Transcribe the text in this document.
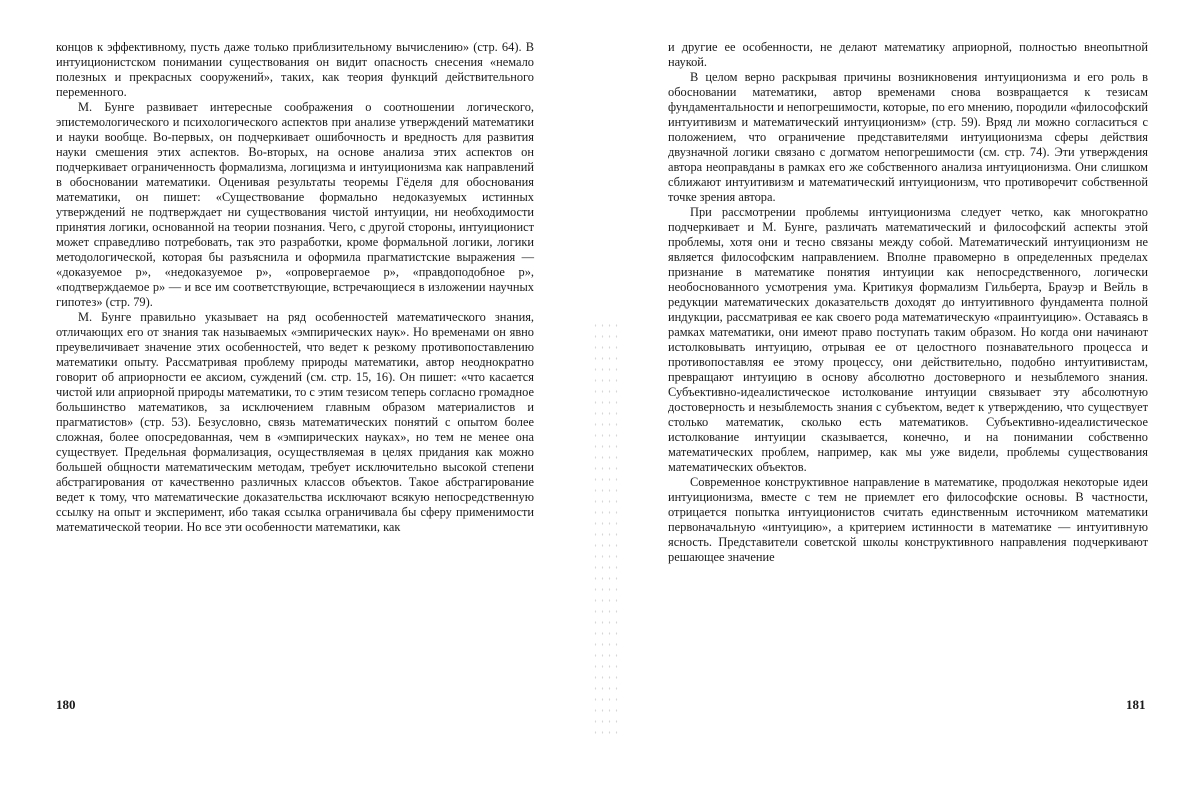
концов к эффективному, пусть даже только приблизительному вычислению» (стр. 64). В интуиционистском понимании существования он видит опасность снесения «немало полезных и прекрасных сооружений», таких, как теория функций действительного переменного.

М. Бунге развивает интересные соображения о соотношении логического, эпистемологического и психологического аспектов при анализе утверждений математики и науки вообще. Во-первых, он подчеркивает ошибочность и вредность для развития науки смешения этих аспектов. Во-вторых, на основе анализа этих аспектов он подчеркивает ограниченность формализма, логицизма и интуиционизма как направлений в обосновании математики. Оценивая результаты теоремы Гёделя для обоснования математики, он пишет: «Существование формально недоказуемых истинных утверждений не подтверждает ни существования чистой интуиции, ни необходимости принятия логики, основанной на теории познания. Чего, с другой стороны, интуиционист может справедливо потребовать, так это разработки, кроме формальной логики, логики методологической, которая бы разъяснила и оформила прагматистские выражения — «доказуемое p», «недоказуемое p», «опровергаемое p», «правдоподобное p», «подтверждаемое p» — и все им соответствующие, встречающиеся в изложении научных гипотез» (стр. 79).

М. Бунге правильно указывает на ряд особенностей математического знания, отличающих его от знания так называемых «эмпирических наук». Но временами он явно преувеличивает значение этих особенностей, что ведет к резкому противопоставлению математики опыту. Рассматривая проблему природы математики, автор неоднократно говорит об априорности ее аксиом, суждений (см. стр. 15, 16). Он пишет: «что касается чистой или априорной природы математики, то с этим тезисом теперь согласно громадное большинство математиков, за исключением главным образом материалистов и прагматистов» (стр. 53). Безусловно, связь математических понятий с опытом более сложная, более опосредованная, чем в «эмпирических науках», но тем не менее она существует. Предельная формализация, осуществляемая в целях придания как можно большей общности математическим методам, требует исключительно высокой степени абстрагирования от качественно различных классов объектов. Такое абстрагирование ведет к тому, что математические доказательства исключают всякую непосредственную ссылку на опыт и эксперимент, ибо такая ссылка ограничивала бы сферу применимости математической теории. Но все эти особенности математики, как

и другие ее особенности, не делают математику априорной, полностью внеопытной наукой.

В целом верно раскрывая причины возникновения интуиционизма и его роль в обосновании математики, автор временами снова возвращается к тезисам фундаментальности и непогрешимости, которые, по его мнению, породили «философский интуитивизм и математический интуиционизм» (стр. 59). Вряд ли можно согласиться с положением, что ограничение представителями интуиционизма сферы действия двузначной логики связано с догматом непогрешимости (см. стр. 74). Эти утверждения автора неоправданы в рамках его же собственного анализа интуиционизма. Они слишком сближают интуитивизм и математический интуиционизм, что противоречит собственной точке зрения автора.

При рассмотрении проблемы интуиционизма следует четко, как многократно подчеркивает и М. Бунге, различать математический и философский аспекты этой проблемы, хотя они и тесно связаны между собой. Математический интуиционизм не является философским направлением. Вполне правомерно в определенных пределах признание в математике понятия интуиции как непосредственного, логически необоснованного усмотрения ума. Критикуя формализм Гильберта, Брауэр и Вейль в редукции математических доказательств доходят до интуитивного фундамента полной индукции, рассматривая ее как своего рода математическую «праинтуицию». Оставаясь в рамках математики, они имеют право поступать таким образом. Но когда они начинают истолковывать интуицию, отрывая ее от целостного познавательного процесса и противопоставляя ее этому процессу, они действительно, подобно интуитивистам, превращают интуицию в основу абсолютно достоверного и незыблемого знания. Субъективно-идеалистическое истолкование интуиции связывает эту абсолютную достоверность и незыблемость знания с субъектом, ведет к утверждению, что существует столько математик, сколько есть математиков. Субъективно-идеалистическое истолкование интуиции сказывается, конечно, и на понимании собственно математических проблем, например, как мы уже видели, проблемы существования математических объектов.

Современное конструктивное направление в математике, продолжая некоторые идеи интуиционизма, вместе с тем не приемлет его философские основы. В частности, отрицается попытка интуиционистов считать единственным источником математики первоначальную «интуицию», а критерием истинности в математике — интуитивную ясность. Представители советской школы конструктивного направления подчеркивают решающее значение

180	181
